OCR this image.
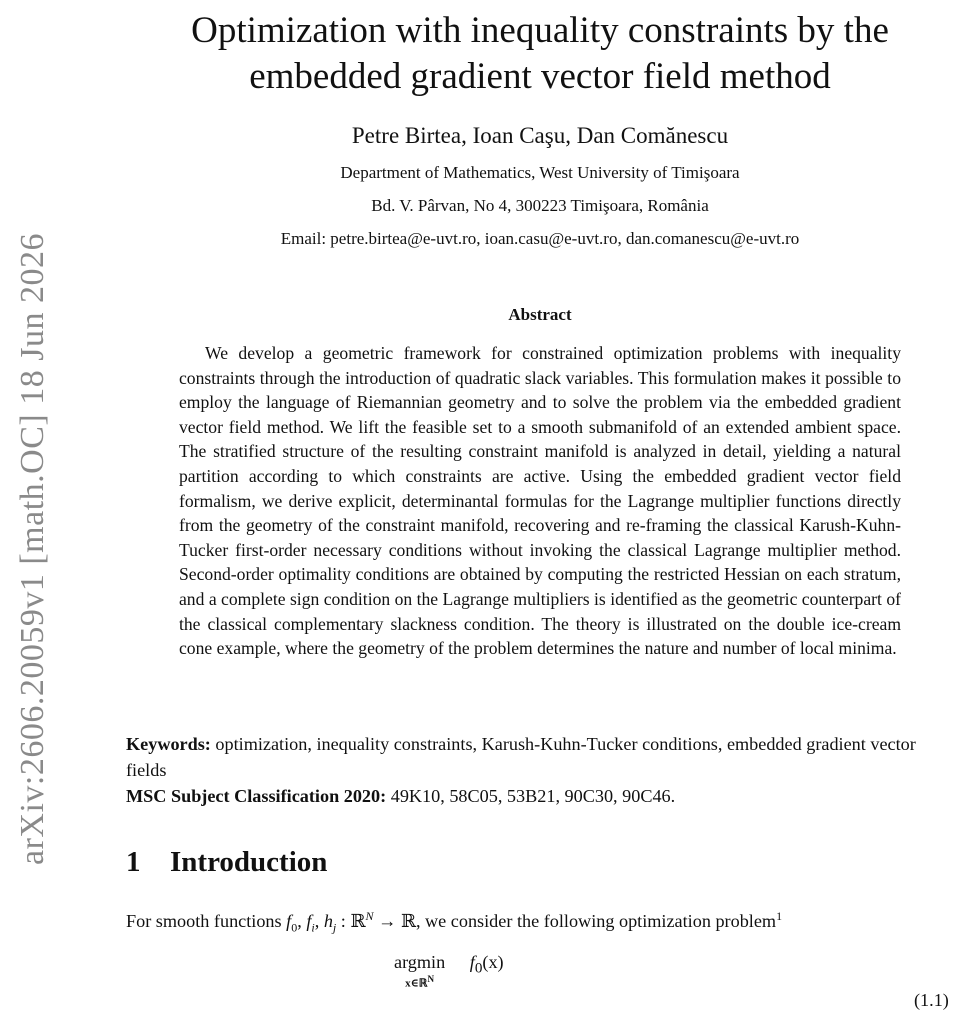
arXiv:2606.20059v1 [math.OC] 18 Jun 2026
Optimization with inequality constraints by the
embedded gradient vector field method
Petre Birtea, Ioan Caşu, Dan Comănescu
Department of Mathematics, West University of Timişoara
Bd. V. Pârvan, No 4, 300223 Timişoara, România
Email: petre.birtea@e-uvt.ro, ioan.casu@e-uvt.ro, dan.comanescu@e-uvt.ro
Abstract
We develop a geometric framework for constrained optimization problems with inequality constraints through the introduction of quadratic slack variables. This formulation makes it possible to employ the language of Riemannian geometry and to solve the problem via the embedded gradient vector field method. We lift the feasible set to a smooth submanifold of an extended ambient space. The stratified structure of the resulting constraint manifold is analyzed in detail, yielding a natural partition according to which constraints are active. Using the embedded gradient vector field formalism, we derive explicit, determinantal formulas for the Lagrange multiplier functions directly from the geometry of the constraint manifold, recovering and re-framing the classical Karush-Kuhn-Tucker first-order necessary conditions without invoking the classical Lagrange multiplier method. Second-order optimality conditions are obtained by computing the restricted Hessian on each stratum, and a complete sign condition on the Lagrange multipliers is identified as the geometric counterpart of the classical complementary slackness condition. The theory is illustrated on the double ice-cream cone example, where the geometry of the problem determines the nature and number of local minima.
Keywords: optimization, inequality constraints, Karush-Kuhn-Tucker conditions, embedded gradient vector fields
MSC Subject Classification 2020: 49K10, 58C05, 53B21, 90C30, 90C46.
1 Introduction
For smooth functions $f_0$, $f_i$, $h_j$ : ℝ$^N$ → ℝ, we consider the following optimization problem$^1$
argmin
x∈ℝ$^N$
$f_0(x)$
(1.1)
